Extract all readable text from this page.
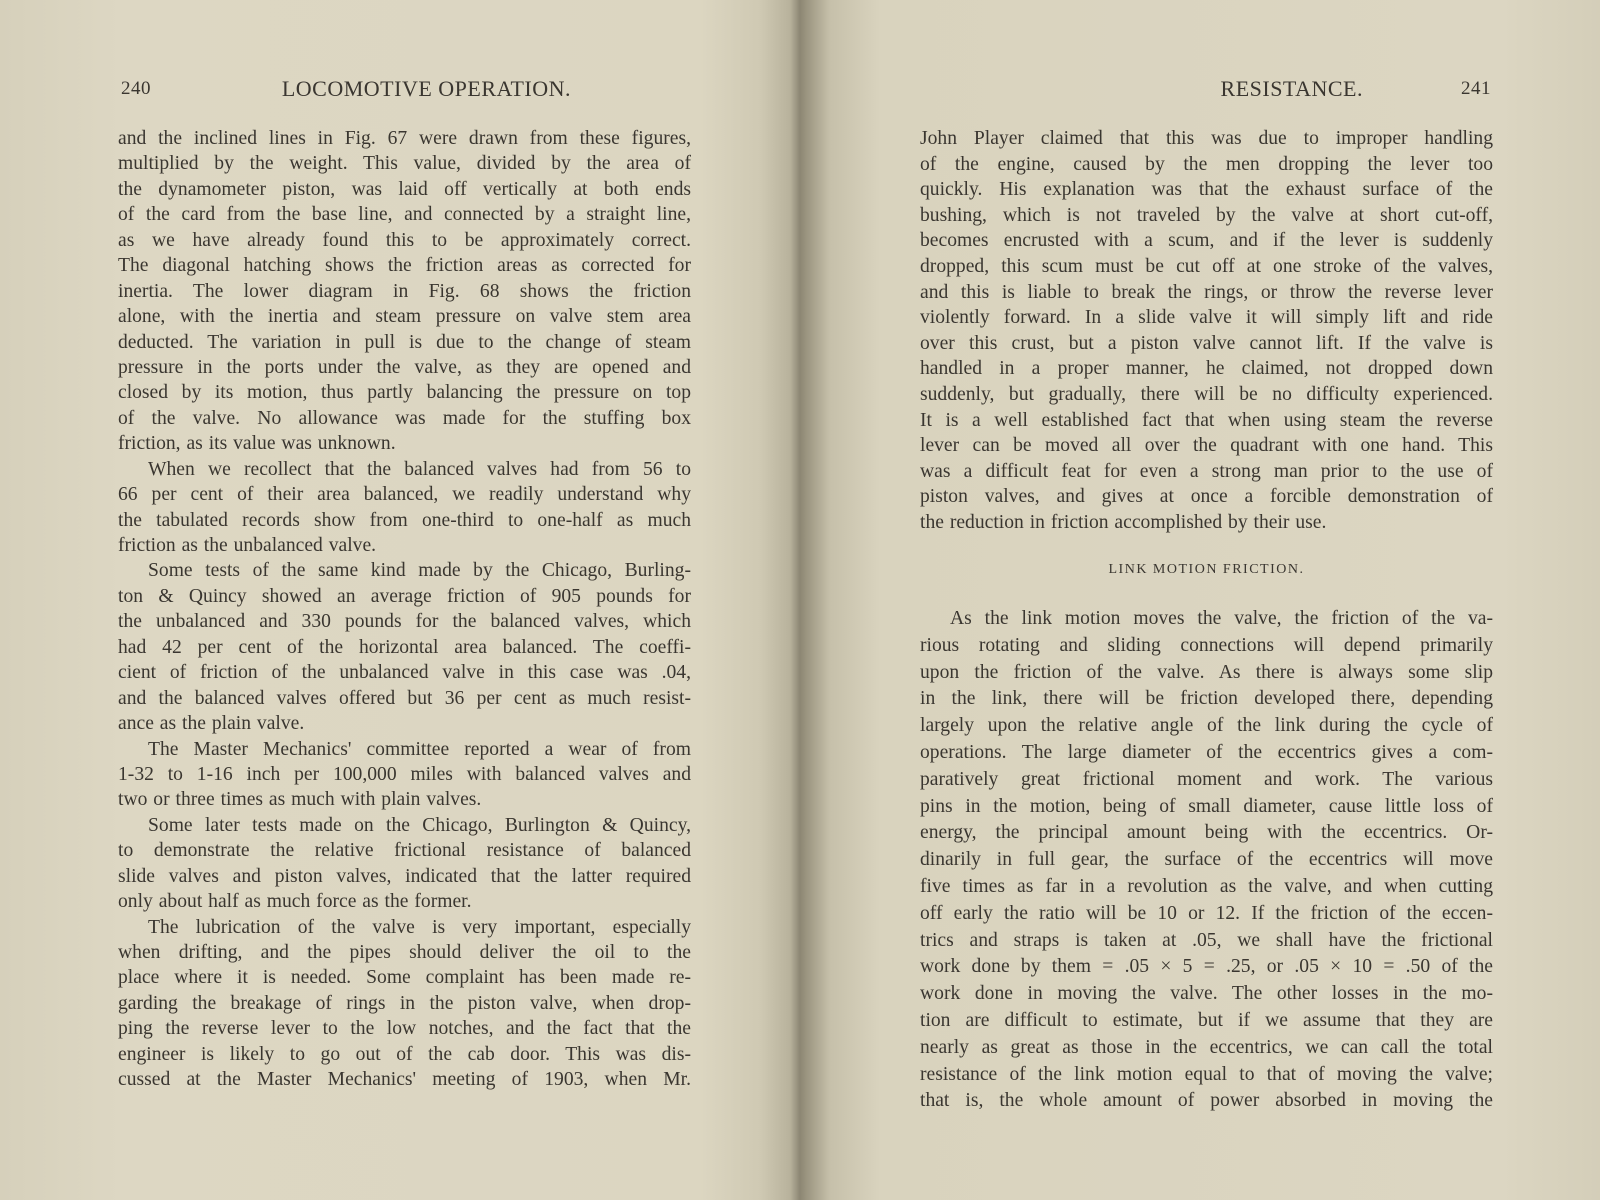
240	LOCOMOTIVE OPERATION.
and the inclined lines in Fig. 67 were drawn from these figures,
multiplied by the weight. This value, divided by the area of
the dynamometer piston, was laid off vertically at both ends
of the card from the base line, and connected by a straight line,
as we have already found this to be approximately correct.
The diagonal hatching shows the friction areas as corrected for
inertia. The lower diagram in Fig. 68 shows the friction
alone, with the inertia and steam pressure on valve stem area
deducted. The variation in pull is due to the change of steam
pressure in the ports under the valve, as they are opened and
closed by its motion, thus partly balancing the pressure on top
of the valve. No allowance was made for the stuffing box
friction, as its value was unknown.
When we recollect that the balanced valves had from 56 to
66 per cent of their area balanced, we readily understand why
the tabulated records show from one-third to one-half as much
friction as the unbalanced valve.
Some tests of the same kind made by the Chicago, Burling-
ton & Quincy showed an average friction of 905 pounds for
the unbalanced and 330 pounds for the balanced valves, which
had 42 per cent of the horizontal area balanced. The coeffi-
cient of friction of the unbalanced valve in this case was .04,
and the balanced valves offered but 36 per cent as much resist-
ance as the plain valve.
The Master Mechanics' committee reported a wear of from
1-32 to 1-16 inch per 100,000 miles with balanced valves and
two or three times as much with plain valves.
Some later tests made on the Chicago, Burlington & Quincy,
to demonstrate the relative frictional resistance of balanced
slide valves and piston valves, indicated that the latter required
only about half as much force as the former.
The lubrication of the valve is very important, especially
when drifting, and the pipes should deliver the oil to the
place where it is needed. Some complaint has been made re-
garding the breakage of rings in the piston valve, when drop-
ping the reverse lever to the low notches, and the fact that the
engineer is likely to go out of the cab door. This was dis-
cussed at the Master Mechanics' meeting of 1903, when Mr.
RESISTANCE.	241
John Player claimed that this was due to improper handling
of the engine, caused by the men dropping the lever too
quickly. His explanation was that the exhaust surface of the
bushing, which is not traveled by the valve at short cut-off,
becomes encrusted with a scum, and if the lever is suddenly
dropped, this scum must be cut off at one stroke of the valves,
and this is liable to break the rings, or throw the reverse lever
violently forward. In a slide valve it will simply lift and ride
over this crust, but a piston valve cannot lift. If the valve is
handled in a proper manner, he claimed, not dropped down
suddenly, but gradually, there will be no difficulty experienced.
It is a well established fact that when using steam the reverse
lever can be moved all over the quadrant with one hand. This
was a difficult feat for even a strong man prior to the use of
piston valves, and gives at once a forcible demonstration of
the reduction in friction accomplished by their use.
LINK MOTION FRICTION.
As the link motion moves the valve, the friction of the va-
rious rotating and sliding connections will depend primarily
upon the friction of the valve. As there is always some slip
in the link, there will be friction developed there, depending
largely upon the relative angle of the link during the cycle of
operations. The large diameter of the eccentrics gives a com-
paratively great frictional moment and work. The various
pins in the motion, being of small diameter, cause little loss of
energy, the principal amount being with the eccentrics. Or-
dinarily in full gear, the surface of the eccentrics will move
five times as far in a revolution as the valve, and when cutting
off early the ratio will be 10 or 12. If the friction of the eccen-
trics and straps is taken at .05, we shall have the frictional
work done by them = .05 × 5 = .25, or .05 × 10 = .50 of the
work done in moving the valve. The other losses in the mo-
tion are difficult to estimate, but if we assume that they are
nearly as great as those in the eccentrics, we can call the total
resistance of the link motion equal to that of moving the valve;
that is, the whole amount of power absorbed in moving the
